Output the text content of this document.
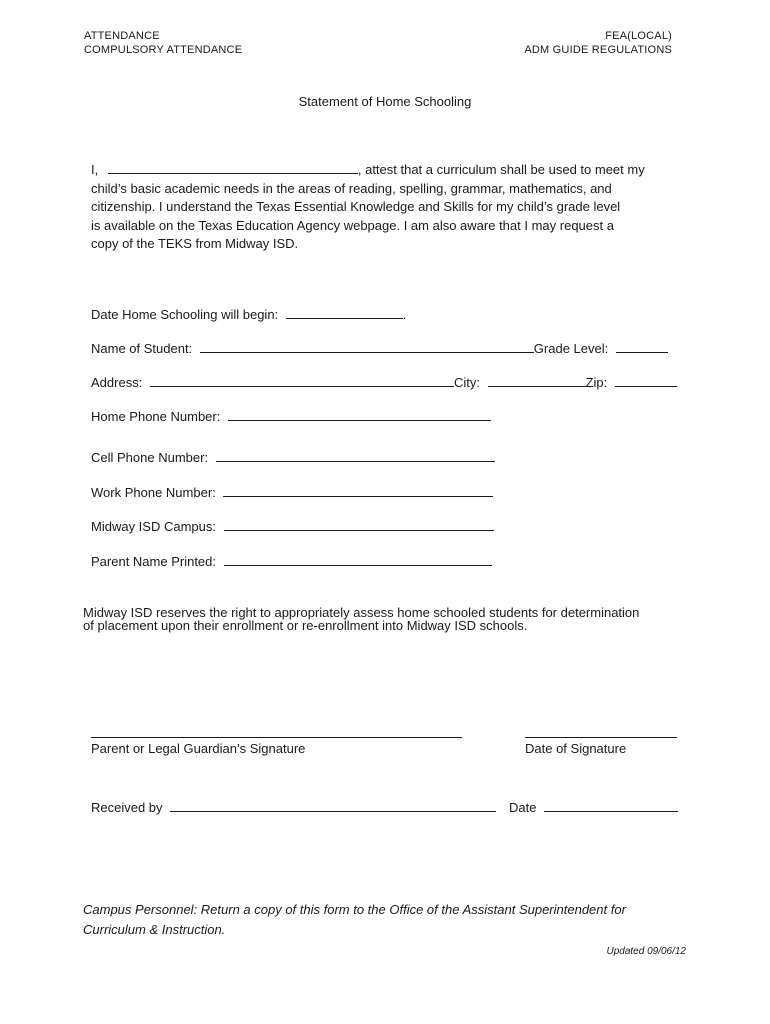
ATTENDANCE
COMPULSORY ATTENDANCE
FEA(LOCAL)
ADM GUIDE REGULATIONS
Statement of Home Schooling
I,	, attest that a curriculum shall be used to meet my
child’s basic academic needs in the areas of reading, spelling, grammar, mathematics, and
citizenship. I understand the Texas Essential Knowledge and Skills for my child’s grade level
is available on the Texas Education Agency webpage. I am also aware that I may request a
copy of the TEKS from Midway ISD.
Date Home Schooling will begin:	.
Name of Student:	Grade Level:
Address:	City:	Zip:
Home Phone Number:
Cell Phone Number:
Work Phone Number:
Midway ISD Campus:
Parent Name Printed:
Midway ISD reserves the right to appropriately assess home schooled students for determination
of placement upon their enrollment or re-enrollment into Midway ISD schools.
Parent or Legal Guardian’s Signature	Date of Signature
Received by	Date
Campus Personnel: Return a copy of this form to the Office of the Assistant Superintendent for
Curriculum & Instruction.
Updated 09/06/12
